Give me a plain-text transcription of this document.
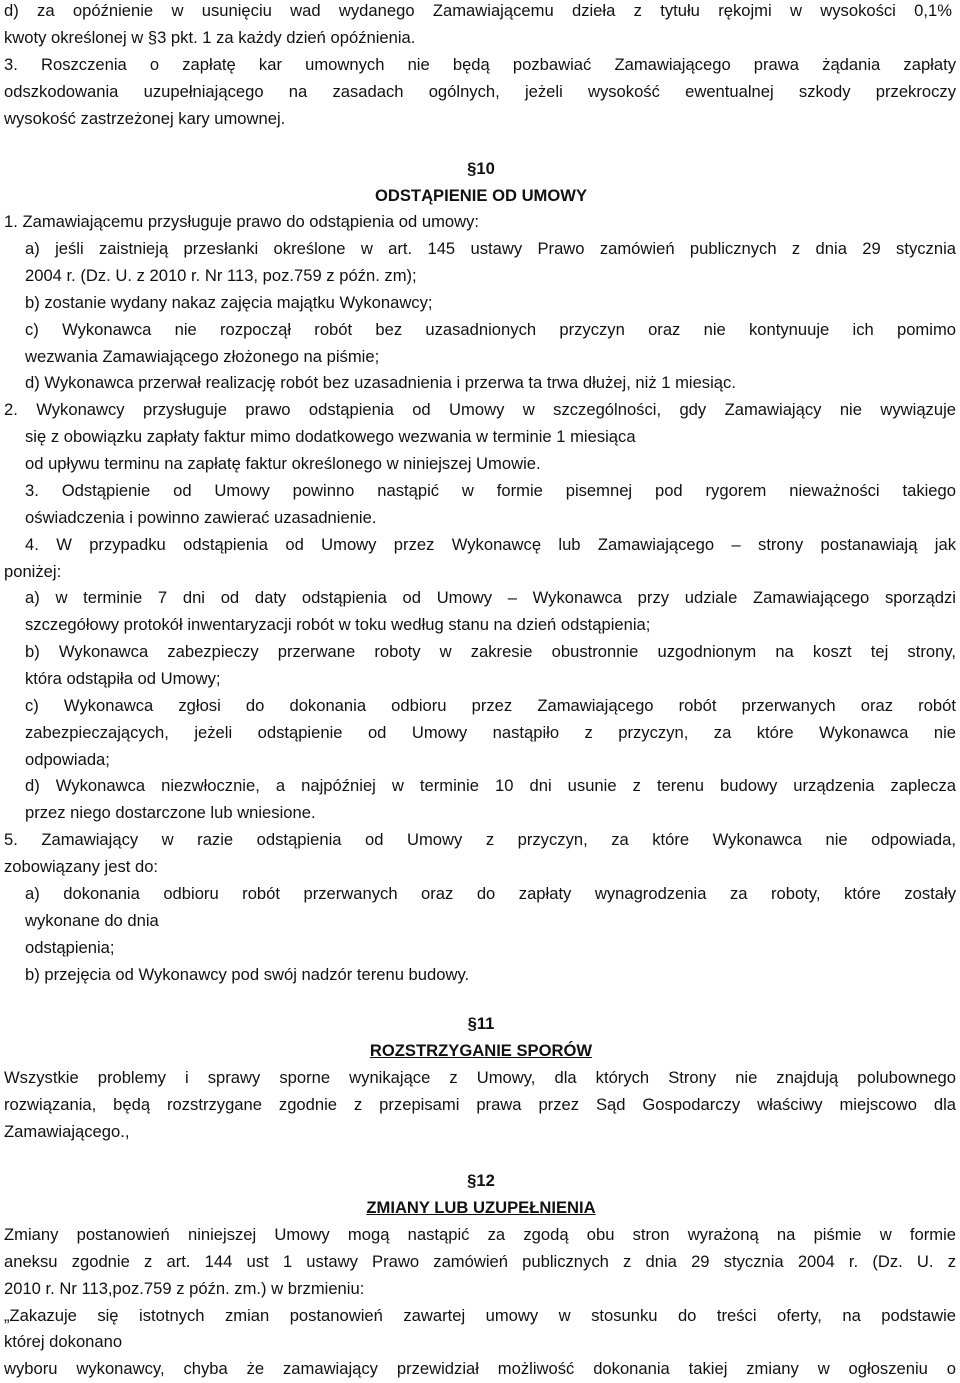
d) za opóźnienie w usunięciu wad wydanego Zamawiającemu dzieła z tytułu rękojmi w wysokości 0,1%
kwoty określonej w §3 pkt. 1 za każdy dzień opóźnienia.
3. Roszczenia o zapłatę kar umownych nie będą pozbawiać Zamawiającego prawa żądania zapłaty
odszkodowania uzupełniającego na zasadach ogólnych, jeżeli wysokość ewentualnej szkody przekroczy
wysokość zastrzeżonej kary umownej.
§10
ODSTĄPIENIE OD UMOWY
1. Zamawiającemu przysługuje prawo do odstąpienia od umowy:
a) jeśli zaistnieją przesłanki określone w art. 145 ustawy Prawo zamówień publicznych z dnia 29 stycznia
2004 r. (Dz. U. z 2010 r. Nr 113, poz.759 z późn. zm);
b) zostanie wydany nakaz zajęcia majątku Wykonawcy;
c) Wykonawca nie rozpoczął robót bez uzasadnionych przyczyn oraz nie kontynuuje ich pomimo
wezwania Zamawiającego złożonego na piśmie;
d) Wykonawca przerwał realizację robót bez uzasadnienia i przerwa ta trwa dłużej, niż 1 miesiąc.
2. Wykonawcy przysługuje prawo odstąpienia od Umowy w szczególności, gdy Zamawiający nie wywiązuje
się z obowiązku zapłaty faktur mimo dodatkowego wezwania w terminie 1 miesiąca
od upływu terminu na zapłatę faktur określonego w niniejszej Umowie.
3. Odstąpienie od Umowy powinno nastąpić w formie pisemnej pod rygorem nieważności takiego
oświadczenia i powinno zawierać uzasadnienie.
4. W przypadku odstąpienia od Umowy przez Wykonawcę lub Zamawiającego – strony postanawiają jak
poniżej:
a) w terminie 7 dni od daty odstąpienia od Umowy – Wykonawca przy udziale Zamawiającego sporządzi
szczegółowy protokół inwentaryzacji robót w toku według stanu na dzień odstąpienia;
b) Wykonawca zabezpieczy przerwane roboty w zakresie obustronnie uzgodnionym na koszt tej strony,
która odstąpiła od Umowy;
c) Wykonawca zgłosi do dokonania odbioru przez Zamawiającego robót przerwanych oraz robót
zabezpieczających, jeżeli odstąpienie od Umowy nastąpiło z przyczyn, za które Wykonawca nie
odpowiada;
d) Wykonawca niezwłocznie, a najpóźniej w terminie 10 dni usunie z terenu budowy urządzenia zaplecza
przez niego dostarczone lub wniesione.
5. Zamawiający w razie odstąpienia od Umowy z przyczyn, za które Wykonawca nie odpowiada,
zobowiązany jest do:
a) dokonania odbioru robót przerwanych oraz do zapłaty wynagrodzenia za roboty, które zostały
wykonane do dnia
odstąpienia;
b) przejęcia od Wykonawcy pod swój nadzór terenu budowy.
§11
ROZSTRZYGANIE SPORÓW
Wszystkie problemy i sprawy sporne wynikające z Umowy, dla których Strony nie znajdują polubownego
rozwiązania, będą rozstrzygane zgodnie z przepisami prawa przez Sąd Gospodarczy właściwy miejscowo dla
Zamawiającego.,
§12
ZMIANY LUB UZUPEŁNIENIA
Zmiany postanowień niniejszej Umowy mogą nastąpić za zgodą obu stron wyrażoną na piśmie w formie
aneksu zgodnie z art. 144 ust 1 ustawy Prawo zamówień publicznych z dnia 29 stycznia 2004 r. (Dz. U. z
2010 r. Nr 113,poz.759 z późn. zm.) w brzmieniu:
„Zakazuje się istotnych zmian postanowień zawartej umowy w stosunku do treści oferty, na podstawie
której dokonano
wyboru wykonawcy, chyba że zamawiający przewidział możliwość dokonania takiej zmiany w ogłoszeniu o
